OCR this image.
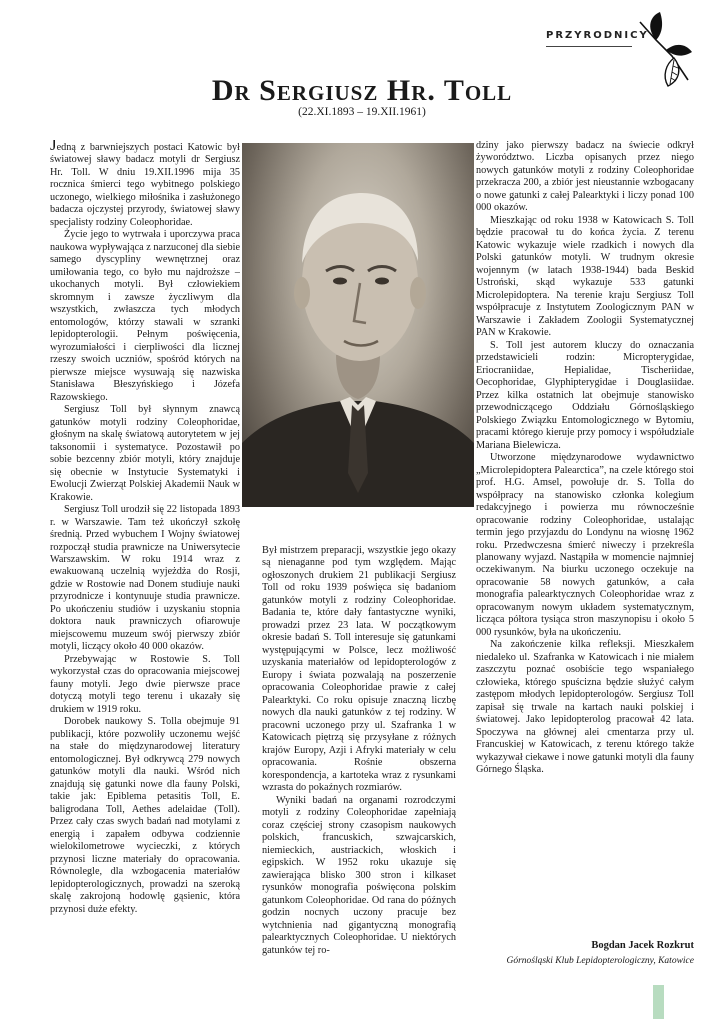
PRZYRODNICY
Dr Sergiusz Hr. Toll

(22.XI.1893 – 19.XII.1961)

Jedną z barwniejszych postaci Katowic był światowej sławy badacz motyli dr Sergiusz Hr. Toll. W dniu 19.XII.1996 mija 35 rocznica śmierci tego wybitnego polskiego uczonego, wielkiego miłośnika i zasłużonego badacza ojczystej przyrody, światowej sławy specjalisty rodziny Coleophoridae.

Życie jego to wytrwała i uporczywa praca naukowa wypływająca z narzuconej dla siebie samego dyscypliny wewnętrznej oraz umiłowania tego, co było mu najdroższe – ukochanych motyli. Był człowiekiem skromnym i zawsze życzliwym dla wszystkich, zwłaszcza tych młodych entomologów, którzy stawali w szranki lepidopterologii. Pełnym poświęcenia, wyrozumiałości i cierpliwości dla licznej rzeszy swoich uczniów, spośród których na pierwsze miejsce wysuwają się nazwiska Stanisława Błeszyńskiego i Józefa Razowskiego.

Sergiusz Toll był słynnym znawcą gatunków motyli rodziny Coleophoridae, głośnym na skalę światową autorytetem w jej taksonomii i systematyce. Pozostawił po sobie bezcenny zbiór motyli, który znajduje się obecnie w Instytucie Systematyki i Ewolucji Zwierząt Polskiej Akademii Nauk w Krakowie.

Sergiusz Toll urodził się 22 listopada 1893 r. w Warszawie. Tam też ukończył szkołę średnią. Przed wybuchem I Wojny światowej rozpoczął studia prawnicze na Uniwersytecie Warszawskim. W roku 1914 wraz z ewakuowaną uczelnią wyjeżdża do Rosji, gdzie w Rostowie nad Donem studiuje nauki przyrodnicze i kontynuuje studia prawnicze. Po ukończeniu studiów i uzyskaniu stopnia doktora nauk prawniczych ofiarowuje miejscowemu muzeum swój pierwszy zbiór motyli, liczący około 40 000 okazów.

Przebywając w Rostowie S. Toll wykorzystał czas do opracowania miejscowej fauny motyli. Jego dwie pierwsze prace dotyczą motyli tego terenu i ukazały się drukiem w 1919 roku.

Dorobek naukowy S. Tolla obejmuje 91 publikacji, które pozwoliły uczonemu wejść na stałe do międzynarodowej literatury entomologicznej. Był odkrywcą 279 nowych gatunków motyli dla nauki. Wśród nich znajdują się gatunki nowe dla fauny Polski, takie jak: Epiblema petasitis Toll, E. baligrodana Toll, Aethes adelaidae (Toll). Przez cały czas swych badań nad motylami z energią i zapałem odbywa codziennie wielokilometrowe wycieczki, z których przynosi liczne materiały do opracowania. Równolegle, dla wzbogacenia materiałów lepidopterologicznych, prowadzi na szeroką skalę zakrojoną hodowlę gąsienic, która przynosi duże efekty.

Był mistrzem preparacji, wszystkie jego okazy są nienaganne pod tym względem. Mając ogłoszonych drukiem 21 publikacji Sergiusz Toll od roku 1939 poświęca się badaniom gatunków motyli z rodziny Coleophoridae. Badania te, które dały fantastyczne wyniki, prowadzi przez 23 lata. W początkowym okresie badań S. Toll interesuje się gatunkami występującymi w Polsce, lecz możliwość uzyskania materiałów od lepidopterologów z Europy i świata pozwalają na poszerzenie opracowania Coleophoridae prawie z całej Palearktyki. Co roku opisuje znaczną liczbę nowych dla nauki gatunków z tej rodziny. W pracowni uczonego przy ul. Szafranka 1 w Katowicach piętrzą się przysyłane z różnych krajów Europy, Azji i Afryki materiały w celu opracowania. Rośnie obszerna korespondencja, a kartoteka wraz z rysunkami wzrasta do pokaźnych rozmiarów.

Wyniki badań na organami rozrodczymi motyli z rodziny Coleophoridae zapełniają coraz częściej strony czasopism naukowych polskich, francuskich, szwajcarskich, niemieckich, austriackich, włoskich i egipskich. W 1952 roku ukazuje się zawierająca blisko 300 stron i kilkaset rysunków monografia poświęcona polskim gatunkom Coleophoridae. Od rana do późnych godzin nocnych uczony pracuje bez wytchnienia nad gigantyczną monografią palearktycznych Coleophoridae. U niektórych gatunków tej ro-

dziny jako pierwszy badacz na świecie odkrył żyworództwo. Liczba opisanych przez niego nowych gatunków motyli z rodziny Coleophoridae przekracza 200, a zbiór jest nieustannie wzbogacany o nowe gatunki z całej Palearktyki i liczy ponad 100 000 okazów.

Mieszkając od roku 1938 w Katowicach S. Toll będzie pracował tu do końca życia. Z terenu Katowic wykazuje wiele rzadkich i nowych dla Polski gatunków motyli. W trudnym okresie wojennym (w latach 1938-1944) bada Beskid Ustroński, skąd wykazuje 533 gatunki Microlepidoptera. Na terenie kraju Sergiusz Toll współpracuje z Instytutem Zoologicznym PAN w Warszawie i Zakładem Zoologii Systematycznej PAN w Krakowie.

S. Toll jest autorem kluczy do oznaczania przedstawicieli rodzin: Micropterygidae, Eriocraniidae, Hepialidae, Tischeriidae, Oecophoridae, Glyphipterygidae i Douglasiidae. Przez kilka ostatnich lat obejmuje stanowisko przewodniczącego Oddziału Górnośląskiego Polskiego Związku Entomologicznego w Bytomiu, pracami którego kieruje przy pomocy i współudziale Mariana Bielewicza.

Utworzone międzynarodowe wydawnictwo „Microlepidoptera Palearctica”, na czele którego stoi prof. H.G. Amsel, powołuje dr. S. Tolla do współpracy na stanowisko członka kolegium redakcyjnego i powierza mu równocześnie opracowanie rodziny Coleophoridae, ustalając termin jego przyjazdu do Londynu na wiosnę 1962 roku. Przedwczesna śmierć niweczy i przekreśla planowany wyjazd. Nastąpiła w momencie najmniej oczekiwanym. Na biurku uczonego oczekuje na opracowanie 58 nowych gatunków, a cała monografia palearktycznych Coleophoridae wraz z opracowanym nowym układem systematycznym, licząca półtora tysiąca stron maszynopisu i około 5 000 rysunków, była na ukończeniu.

Na zakończenie kilka refleksji. Mieszkałem niedaleko ul. Szafranka w Katowicach i nie miałem zaszczytu poznać osobiście tego wspaniałego człowieka, którego spuścizna będzie służyć całym zastępom młodych lepidopterologów. Sergiusz Toll zapisał się trwale na kartach nauki polskiej i światowej. Jako lepidopterolog pracował 42 lata. Spoczywa na głównej alei cmentarza przy ul. Francuskiej w Katowicach, z terenu którego także wykazywał ciekawe i nowe gatunki motyli dla fauny Górnego Śląska.

Bogdan Jacek Rozkrut

Górnośląski Klub Lepidopterologiczny, Katowice
